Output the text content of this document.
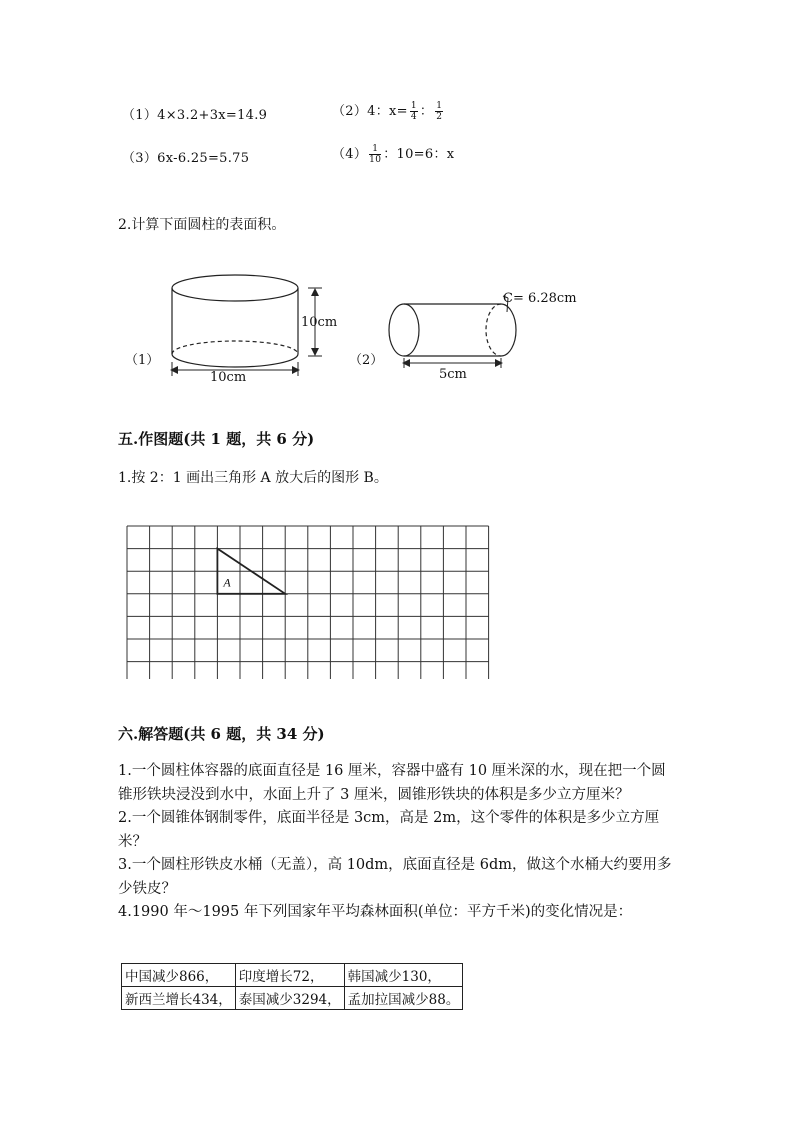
（1）4×3.2+3x=14.9	（2）4：$x= \frac{1}{4}$ ： $\frac{1}{2}$
（3）6x-6.25=5.75	$(4) \frac{1}{10}$ ：10=6：x
2.计算下面圆柱的表面积。
（1）
10cm
10cm
（2）
C= 6.28cm
5cm
五.作图题(共 1 题，共 6 分)
1.按 2：1 画出三角形 A 放大后的图形 B。
A
六.解答题(共 6 题，共 34 分)
1.一个圆柱体容器的底面直径是 16 厘米，容器中盛有 10 厘米深的水，现在把一个圆锥形铁块浸没到水中，水面上升了 3 厘米，圆锥形铁块的体积是多少立方厘米？
2.一个圆锥体钢制零件，底面半径是 3cm，高是 2m，这个零件的体积是多少立方厘米？
3.一个圆柱形铁皮水桶（无盖），高 10dm，底面直径是 6dm，做这个水桶大约要用多少铁皮？
4.1990 年～1995 年下列国家年平均森林面积(单位：平方千米)的变化情况是：
中国减少866，	印度增长72，	韩国减少130，
新西兰增长434，	泰国减少3294，	孟加拉国减少88。
